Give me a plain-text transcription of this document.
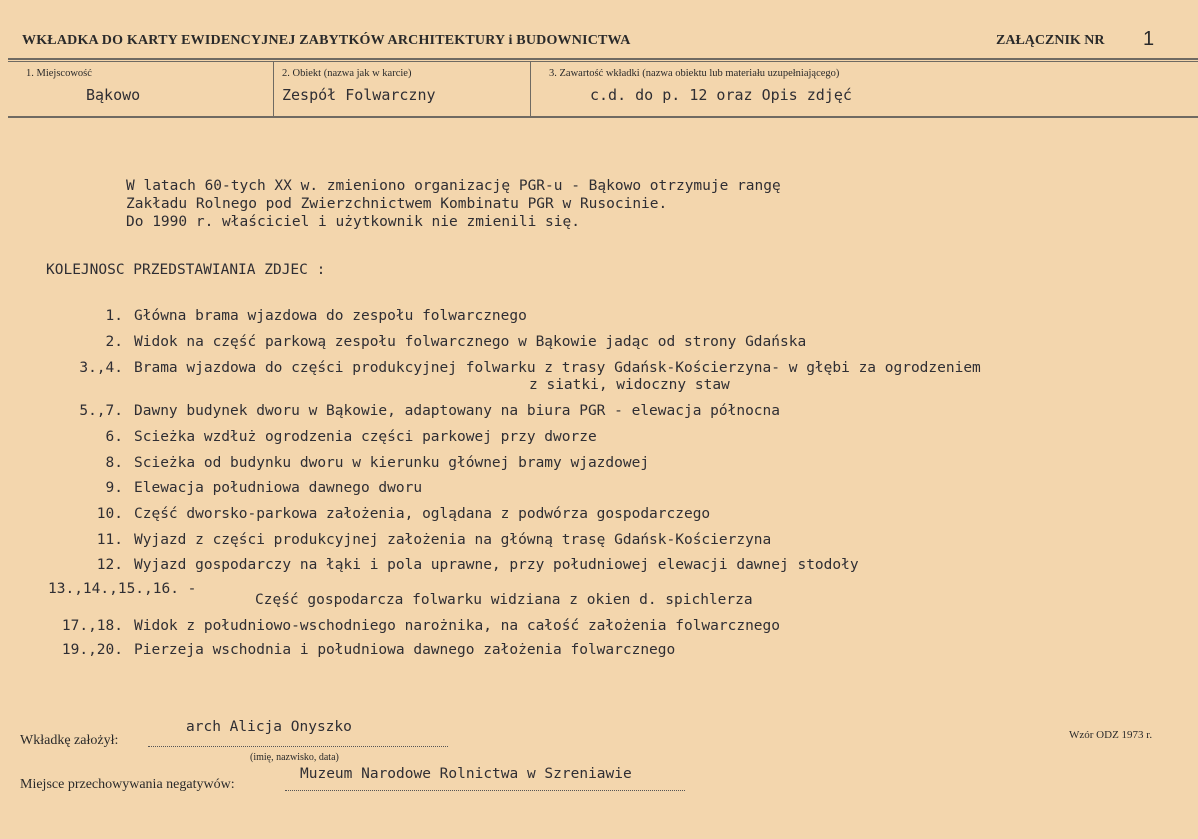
WKŁADKA DO KARTY EWIDENCYJNEJ ZABYTKÓW ARCHITEKTURY i BUDOWNICTWA	ZAŁĄCZNIK NR 1
1. Miejscowość
Bąkowo
2. Obiekt (nazwa jak w karcie)
Zespół Folwarczny
3. Zawartość wkładki (nazwa obiektu lub materiału uzupełniającego)
c.d. do p. 12 oraz Opis zdjęć
W latach 60-tych XX w. zmieniono organizację PGR-u - Bąkowo otrzymuje rangę
Zakładu Rolnego pod Zwierzchnictwem Kombinatu PGR w Rusocinie.
Do 1990 r. właściciel i użytkownik nie zmienili się.
KOLEJNOSC PRZEDSTAWIANIA ZDJEC :
1. Główna brama wjazdowa do zespołu folwarcznego
2. Widok na część parkową zespołu folwarcznego w Bąkowie jadąc od strony Gdańska
3.,4. Brama wjazdowa do części produkcyjnej folwarku z trasy Gdańsk-Kościerzyna- w głębi za ogrodzeniem
z siatki, widoczny staw
5.,7. Dawny budynek dworu w Bąkowie, adaptowany na biura PGR - elewacja północna
6. Scieżka wzdłuż ogrodzenia części parkowej przy dworze
8. Scieżka od budynku dworu w kierunku głównej bramy wjazdowej
9. Elewacja południowa dawnego dworu
10. Część dworsko-parkowa założenia, oglądana z podwórza gospodarczego
11. Wyjazd z części produkcyjnej założenia na główną trasę Gdańsk-Kościerzyna
12. Wyjazd gospodarczy na łąki i pola uprawne, przy południowej elewacji dawnej stodoły
13.,14.,15.,16. -
Część gospodarcza folwarku widziana z okien d. spichlerza
17.,18. Widok z południowo-wschodniego narożnika, na całość założenia folwarcznego
19.,20. Pierzeja wschodnia i południowa dawnego założenia folwarcznego
Wkładkę założył:
arch Alicja Onyszko
(imię, nazwisko, data)
Wzór ODZ 1973 r.
Miejsce przechowywania negatywów:
Muzeum Narodowe Rolnictwa w Szreniawie
